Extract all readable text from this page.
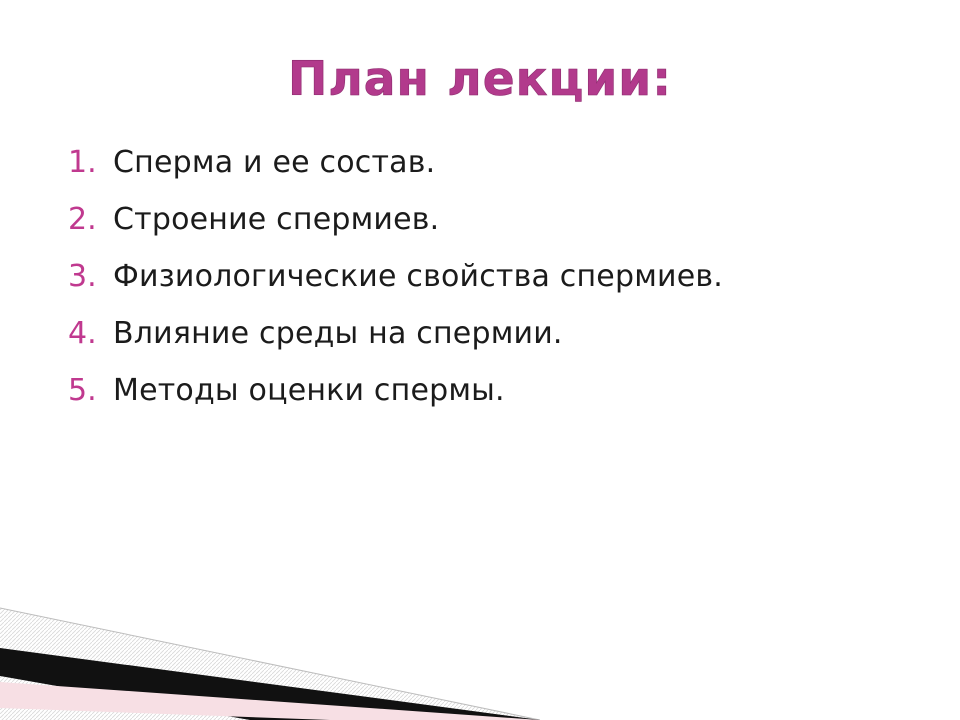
План лекции:
1. Сперма и ее состав.
2. Строение спермиев.
3. Физиологические свойства спермиев.
4. Влияние среды на спермии.
5. Методы оценки спермы.
